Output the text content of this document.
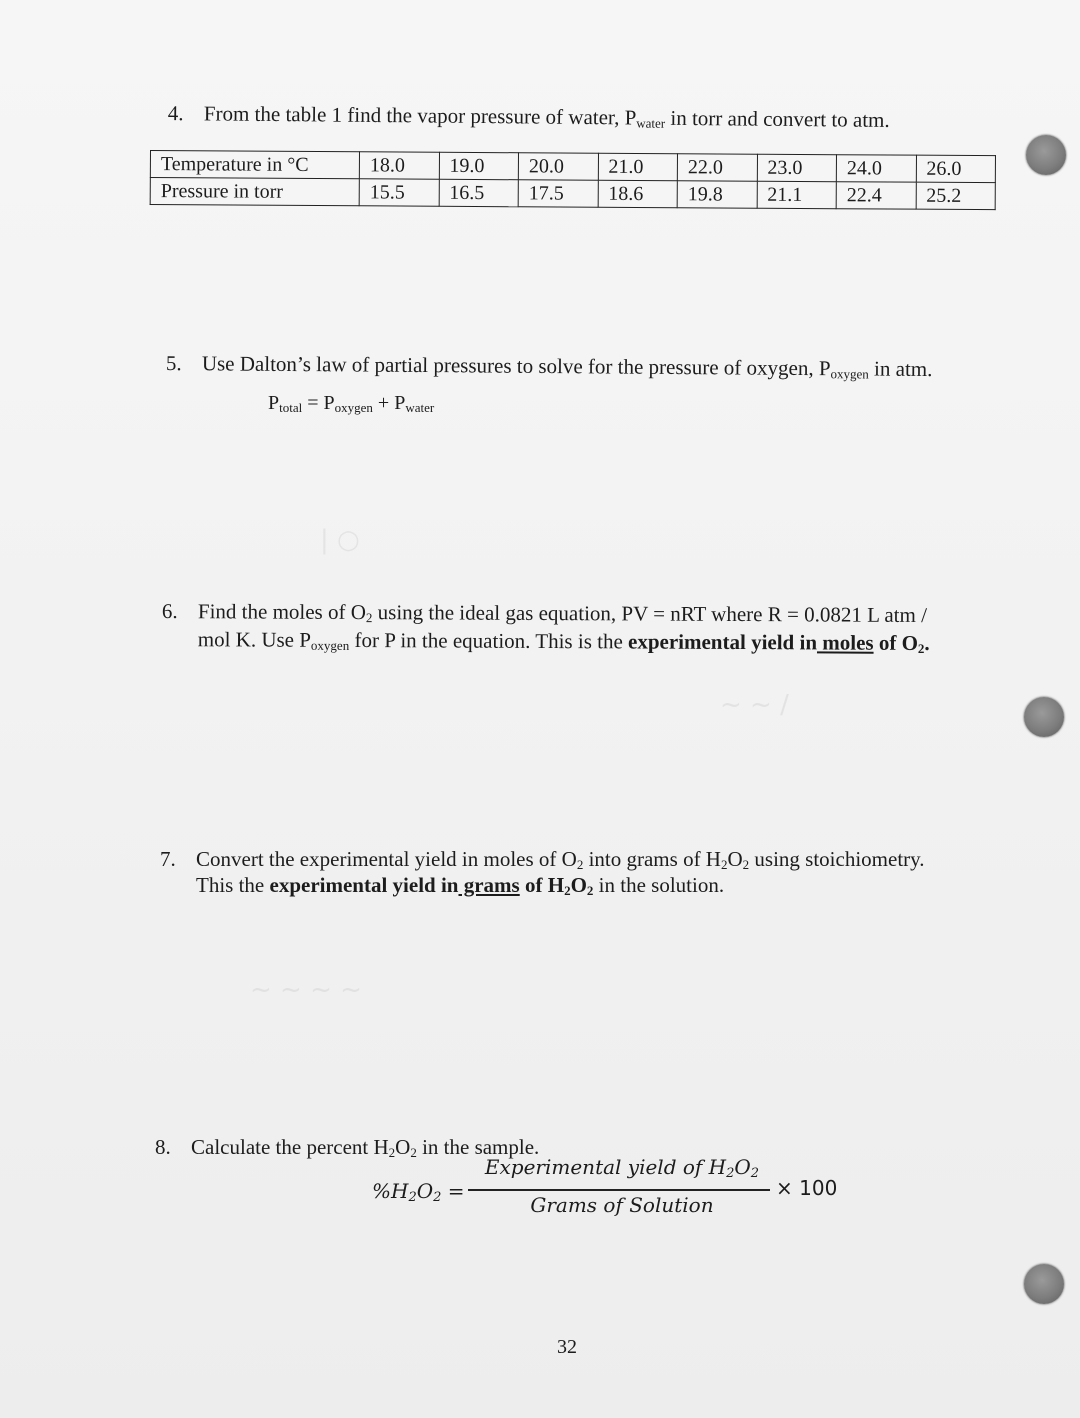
| ○
~ ~ /
~ ~ ~ ~
4. From the table 1 find the vapor pressure of water, $P_{water}$ in torr and convert to atm.
Temperature in °C	18.0	19.0	20.0	21.0	22.0	23.0	24.0	26.0
Pressure in torr	15.5	16.5	17.5	18.6	19.8	21.1	22.4	25.2
5. Use Dalton’s law of partial pressures to solve for the pressure of oxygen, $P_{oxygen}$ in atm.
$P_{total} = P_{oxygen} + P_{water}$
6. Find the moles of $O_2$ using the ideal gas equation, PV = nRT where R = 0.0821 L atm /
mol K. Use $P_{oxygen}$ for P in the equation. This is the experimental yield in moles of $O_2$.
7. Convert the experimental yield in moles of $O_2$ into grams of $H_2O_2$ using stoichiometry.
This the experimental yield in grams of $H_2O_2$ in the solution.
8. Calculate the percent $H_2O_2$ in the sample.
$\%H_2O_2$ =
Experimental yield of $H_2O_2$
Grams of Solution
× 100
32
